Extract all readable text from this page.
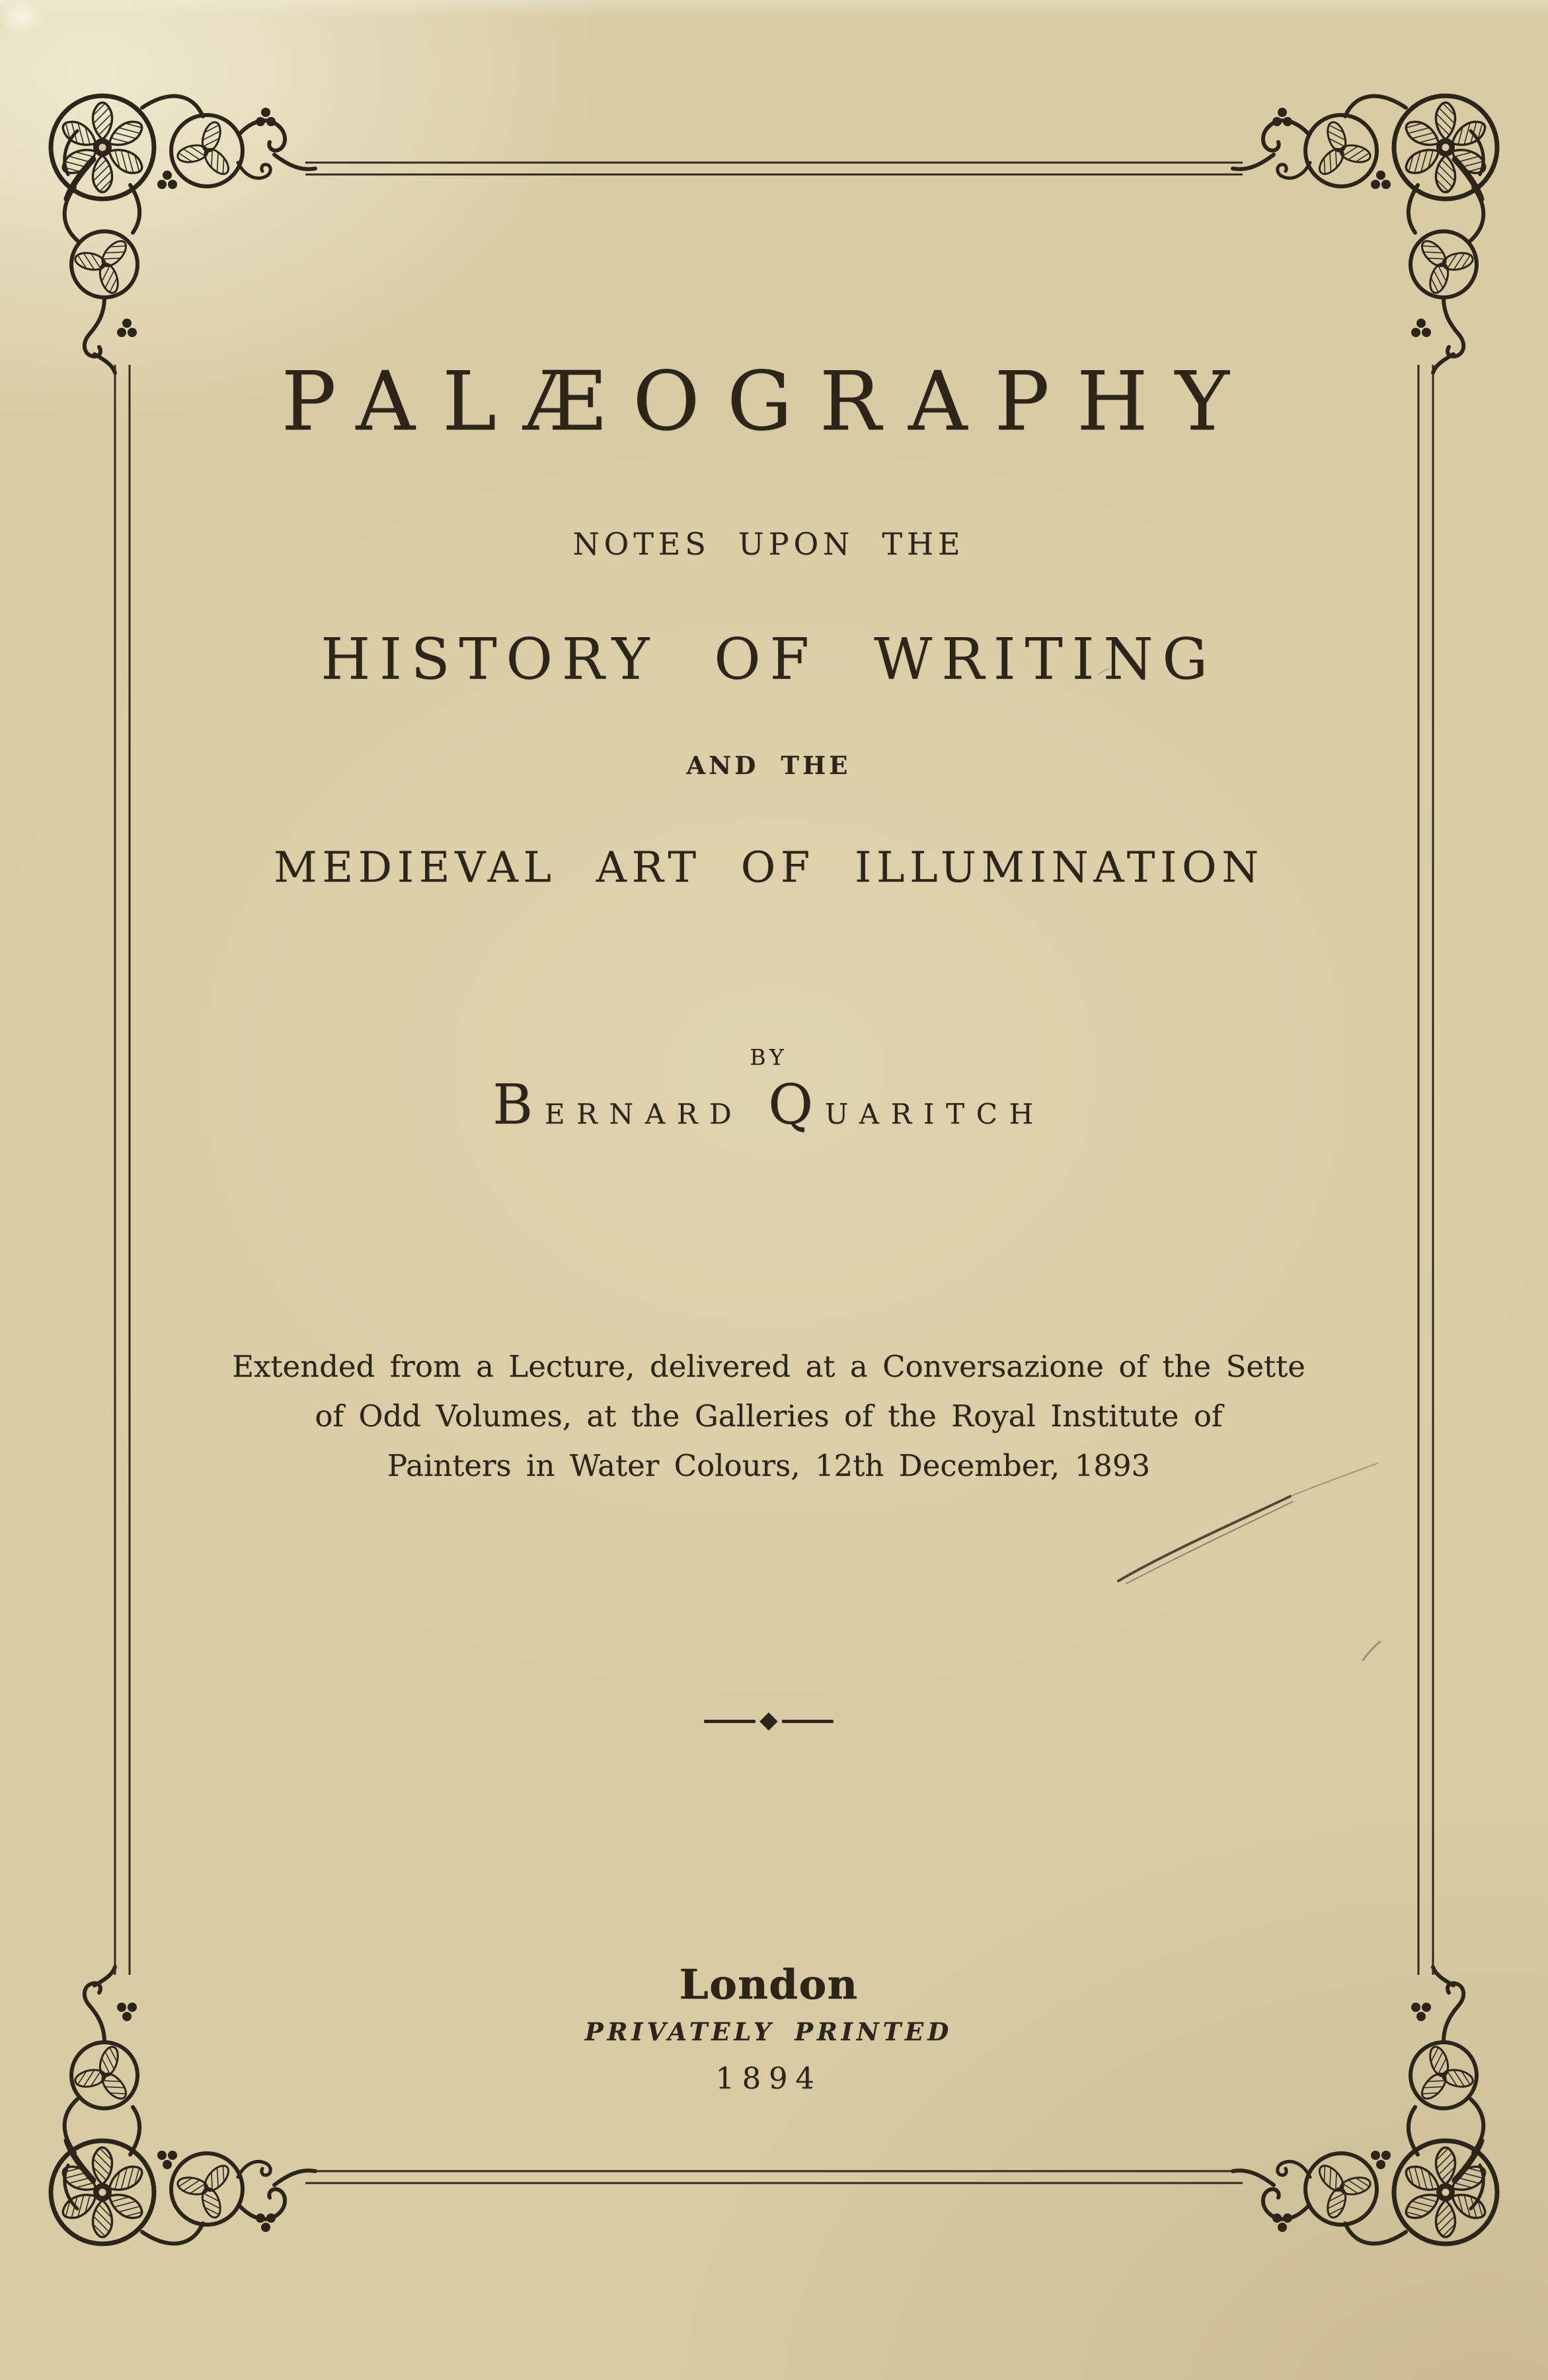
PALÆOGRAPHY
NOTES UPON THE
HISTORY OF WRITING
AND THE
MEDIEVAL ART OF ILLUMINATION
BY
BERNARD QUARITCH
Extended from a Lecture, delivered at a Conversazione of the Sette
of Odd Volumes, at the Galleries of the Royal Institute of
Painters in Water Colours, 12th December, 1893
◆
London
PRIVATELY PRINTED
1894
